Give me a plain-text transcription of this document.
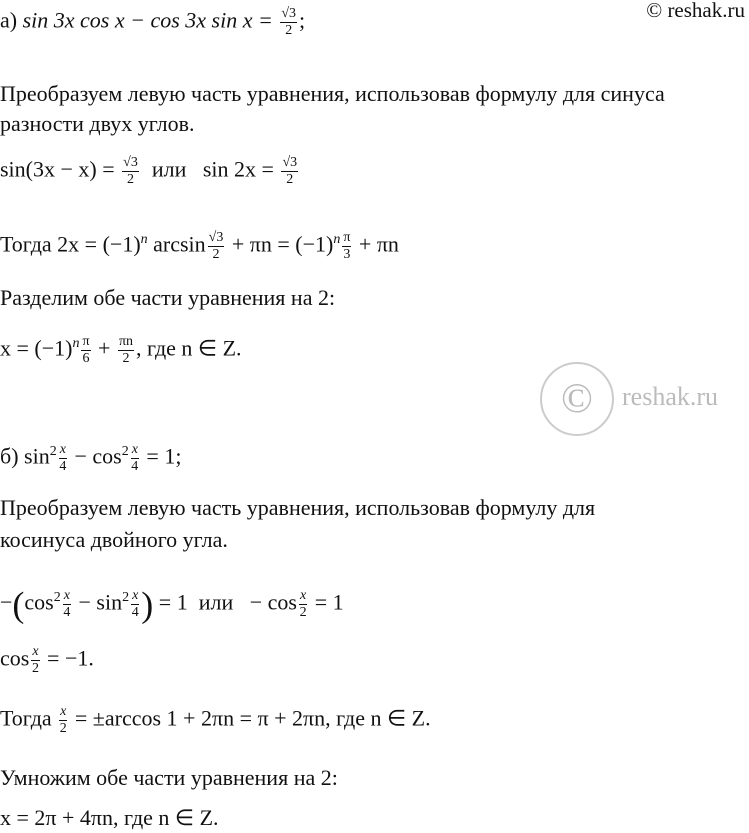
© reshak.ru
а) sin 3x cos x − cos 3x $\sin x = \frac{√3}{2}$ ;
Преобразуем левую часть уравнения, использовав формулу для синуса
разности двух углов.
$\sin(3x - x) = \frac{√3}{2}$ или $\sin 2x = \frac{√3}{2}$
Тогда $2x = (-1)^n$ $\arcsin \frac{√3}{2} + \pi n = (-1)^n \frac{\pi}{3} + \pi n$
Разделим обе части уравнения на 2:
$x = (-1)^n \frac{\pi}{6} + \frac{\pi n}{2}$ , где n ∈ Z.
б) $\sin^2 \frac{x}{4} - \cos^2 \frac{x}{4} = 1$;
Преобразуем левую часть уравнения, использовав формулу для
косинуса двойного угла.
$-(\cos^2 \frac{x}{4} - \sin^2 \frac{x}{4}$ ) = 1 или − $\cos \frac{x}{2} = 1$
$\cos \frac{x}{2} = -1$.
Тогда $\frac{x}{2} = \pm\arccos$ 1 + 2πn = π + 2πn, где n ∈ Z.
Умножим обе части уравнения на 2:
x = 2π + 4πn, где n ∈ Z.
©	reshak.ru
